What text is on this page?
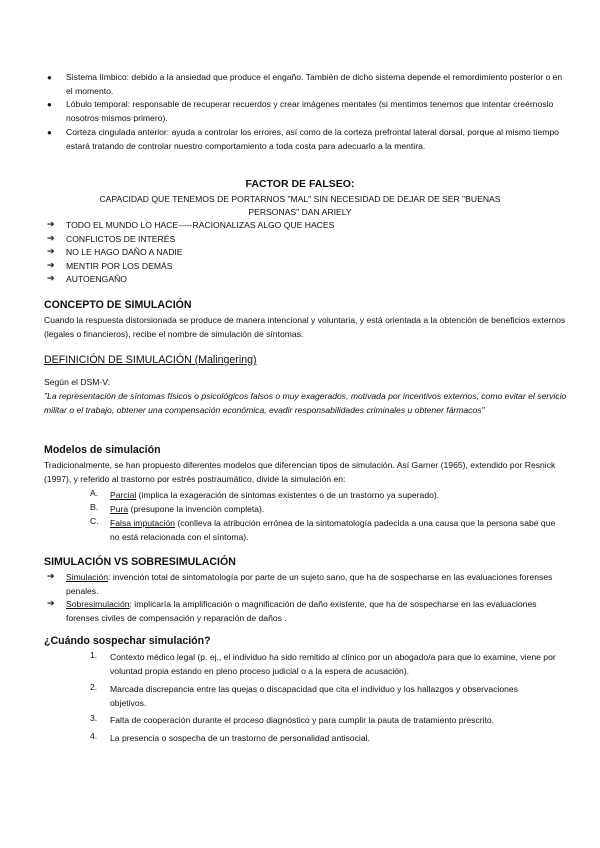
● Sistema límbico: debido a la ansiedad que produce el engaño. También de dicho sistema depende el remordimiento posterior o en el momento.
● Lóbulo temporal: responsable de recuperar recuerdos y crear imágenes mentales (si mentimos tenemos que intentar creérnoslo nosotros mismos primero).
● Corteza cingulada anterior: ayuda a controlar los errores, así como de la corteza prefrontal lateral dorsal, porque al mismo tiempo estará tratando de controlar nuestro comportamiento a toda costa para adecuarlo a la mentira.
FACTOR DE FALSEO:
CAPACIDAD QUE TENEMOS DE PORTARNOS "MAL" SIN NECESIDAD DE DEJAR DE SER "BUENAS
PERSONAS" DAN ARIELY
➔ TODO EL MUNDO LO HACE-----RACIONALIZAS ALGO QUE HACES
➔ CONFLICTOS DE INTERÉS
➔ NO LE HAGO DAÑO A NADIE
➔ MENTIR POR LOS DEMÁS
➔ AUTOENGAÑO
CONCEPTO DE SIMULACIÓN
Cuando la respuesta distorsionada se produce de manera intencional y voluntaria, y está orientada a la obtención de beneficios externos (legales o financieros), recibe el nombre de simulación de síntomas.
DEFINICIÓN DE SIMULACIÓN (Malingering)
Según el DSM-V:
"La representación de síntomas físicos o psicológicos falsos o muy exagerados, motivada por incentivos externos, como evitar el servicio militar o el trabajo, obtener una compensación económica, evadir responsabilidades criminales u obtener fármacos"
Modelos de simulación
Tradicionalmente, se han propuesto diferentes modelos que diferencian tipos de simulación. Así Garner (1965), extendido por Resnick (1997), y referido al trastorno por estrés postraumático, divide la simulación en:
A. Parcial (implica la exageración de síntomas existentes o de un trastorno ya superado).
B. Pura (presupone la invención completa).
C. Falsa imputación (conlleva la atribución errónea de la sintomatología padecida a una causa que la persona sabe que no está relacionada con el síntoma).
SIMULACIÓN VS SOBRESIMULACIÓN
➔ Simulación: invención total de sintomatología por parte de un sujeto sano, que ha de sospecharse en las evaluaciones forenses penales.
➔ Sobresimulación: implicaría la amplificación o magnificación de daño existente, que ha de sospecharse en las evaluaciones forenses civiles de compensación y reparación de daños .
¿Cuándo sospechar simulación?
1. Contexto médico legal (p. ej., el individuo ha sido remitido al clínico por un abogado/a para que lo examine, viene por voluntad propia estando en pleno proceso judicial o a la espera de acusación).
2. Marcada discrepancia entre las quejas o discapacidad que cita el individuo y los hallazgos y observaciones objetivos.
3. Falta de cooperación durante el proceso diagnóstico y para cumplir la pauta de tratamiento prescrito.
4. La presencia o sospecha de un trastorno de personalidad antisocial.
